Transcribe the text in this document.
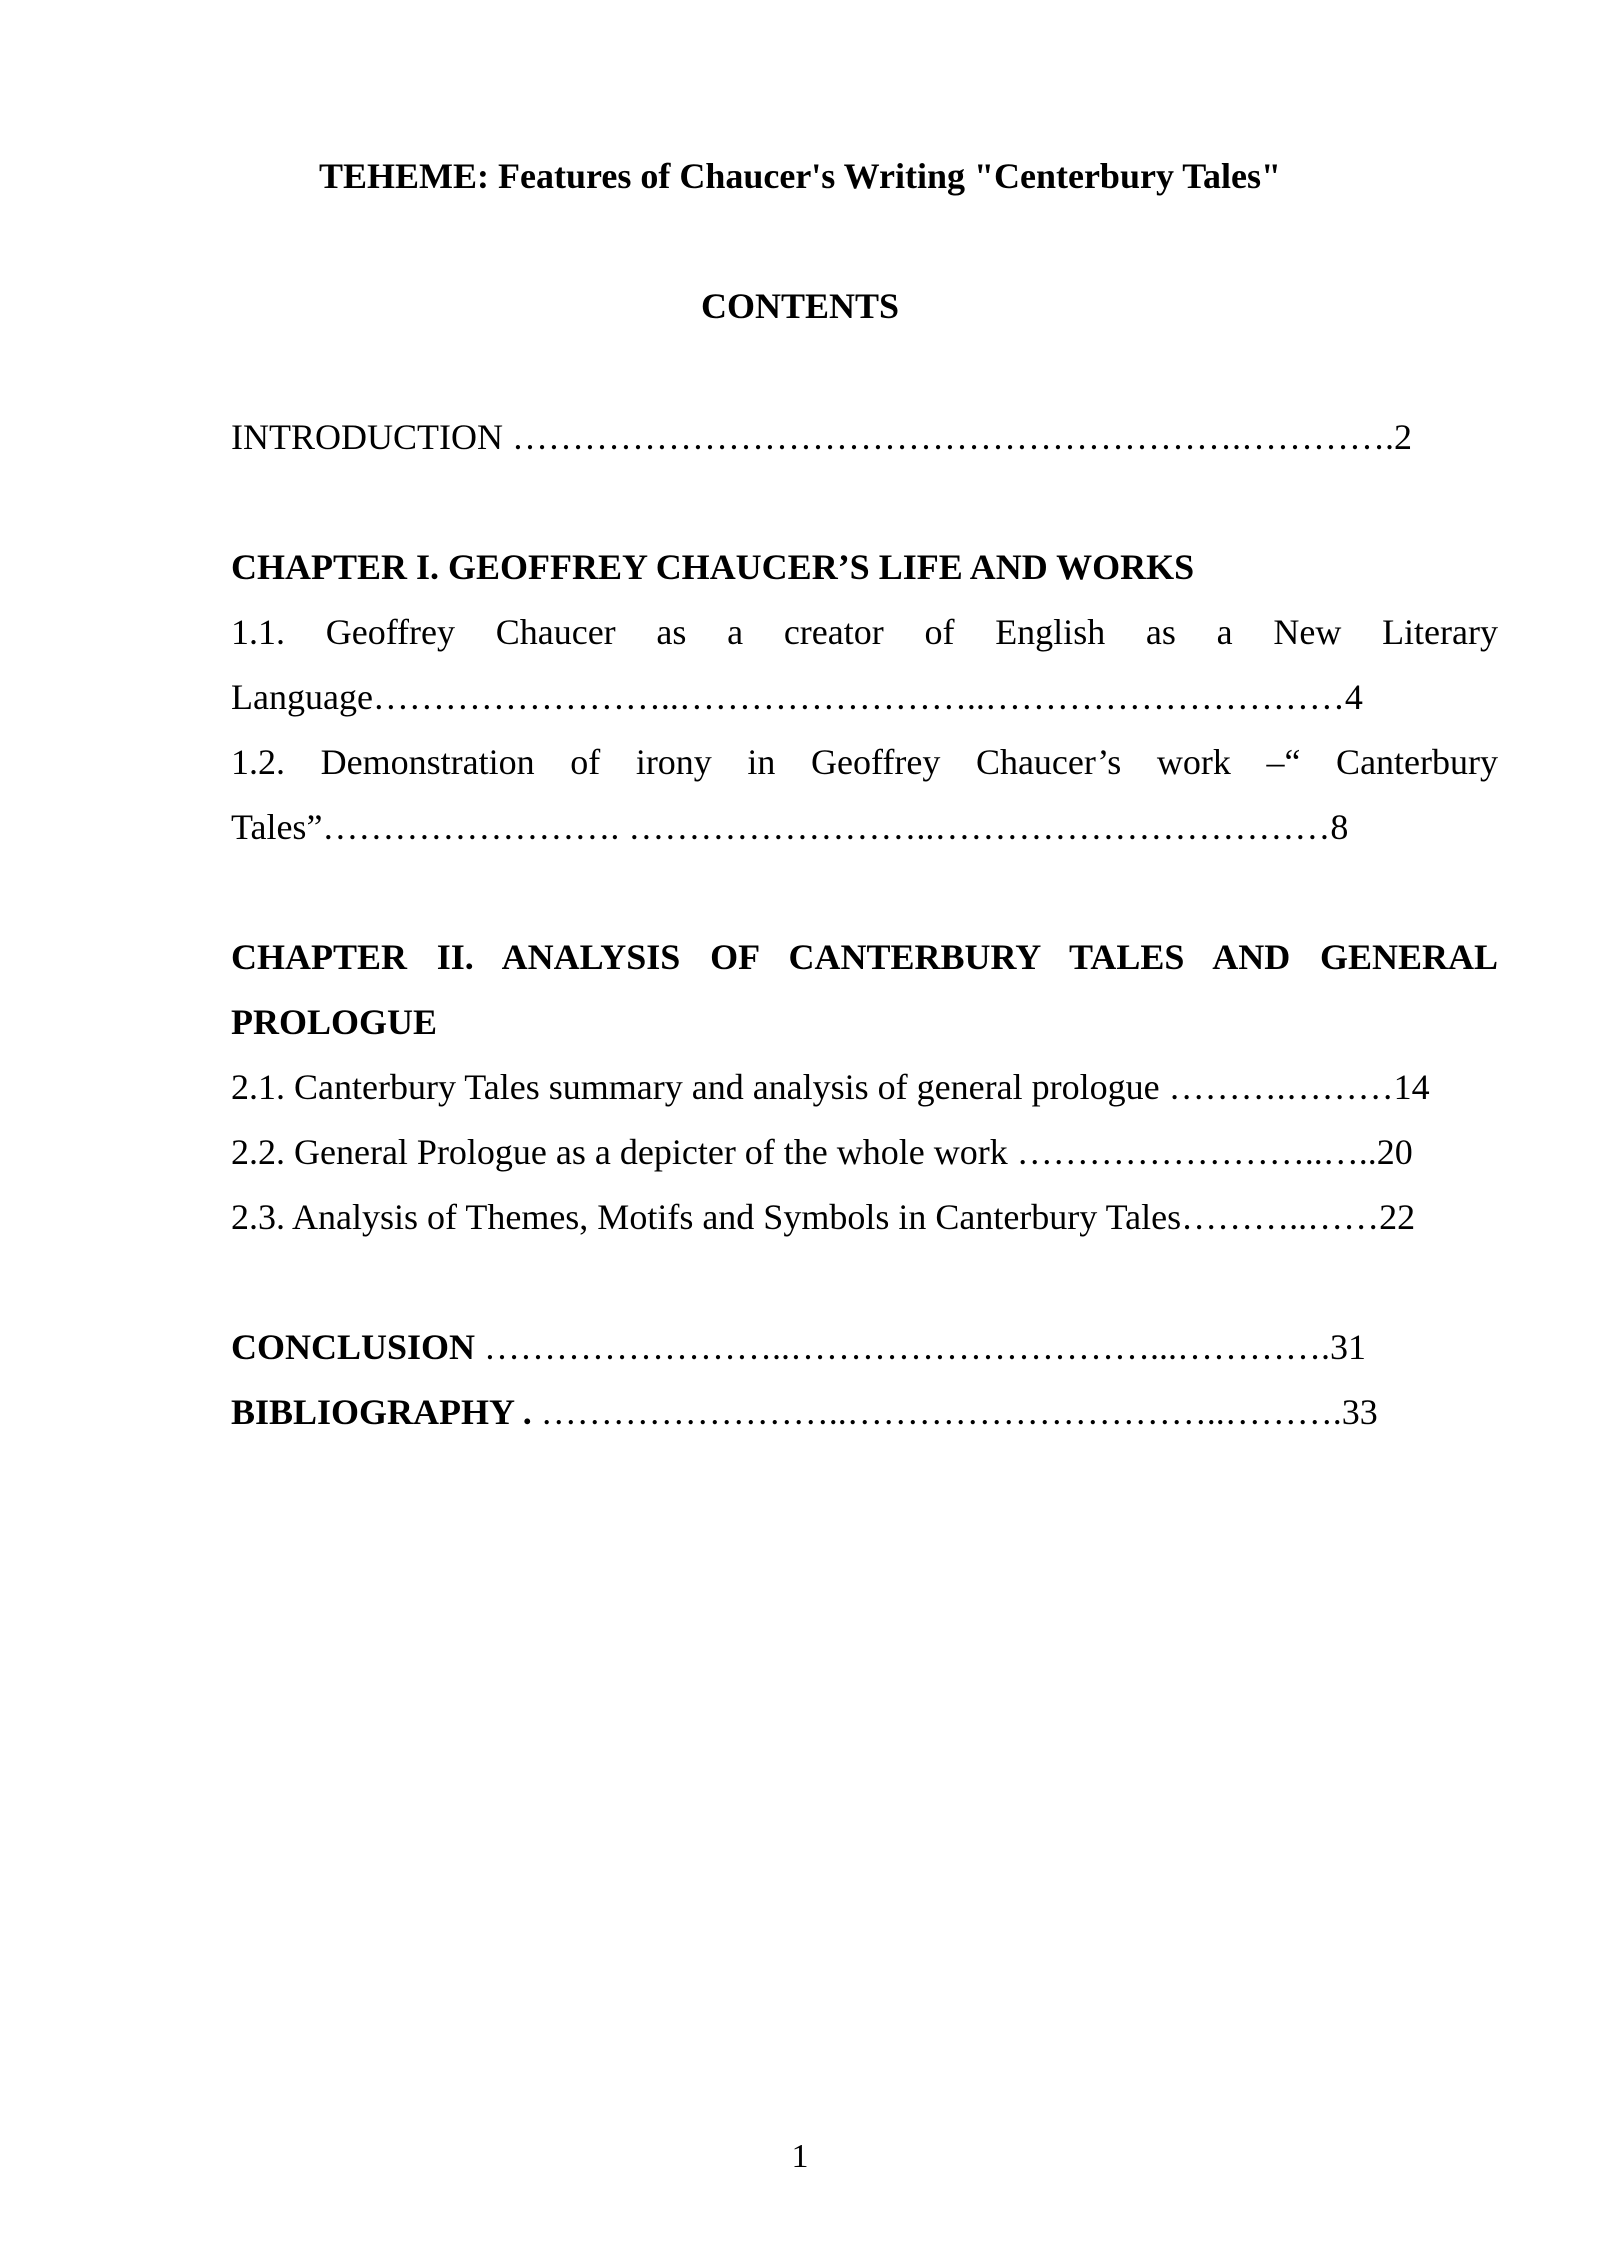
TEHEME: Features of Chaucer's Writing "Centerbury Tales"
CONTENTS
INTRODUCTION …………………………………………………….………….2
CHAPTER I. GEOFFREY CHAUCER’S LIFE AND WORKS
1.1. Geoffrey Chaucer as a creator of English as a New Literary
Language……………………..……………………..…………………………4
1.2. Demonstration of irony in Geoffrey Chaucer’s work –“ Canterbury
Tales”……………………. ……………………..……………………………8
CHAPTER II. ANALYSIS OF CANTERBURY TALES AND GENERAL
PROLOGUE
2.1. Canterbury Tales summary and analysis of general prologue ……….………14
2.2. General Prologue as a depicter of the whole work ……………………..…..20
2.3. Analysis of Themes, Motifs and Symbols in Canterbury Tales………..……22
CONCLUSION ……………………..…………………………...………….31
BIBLIOGRAPHY . ……………………..…………………………..……….33
1
